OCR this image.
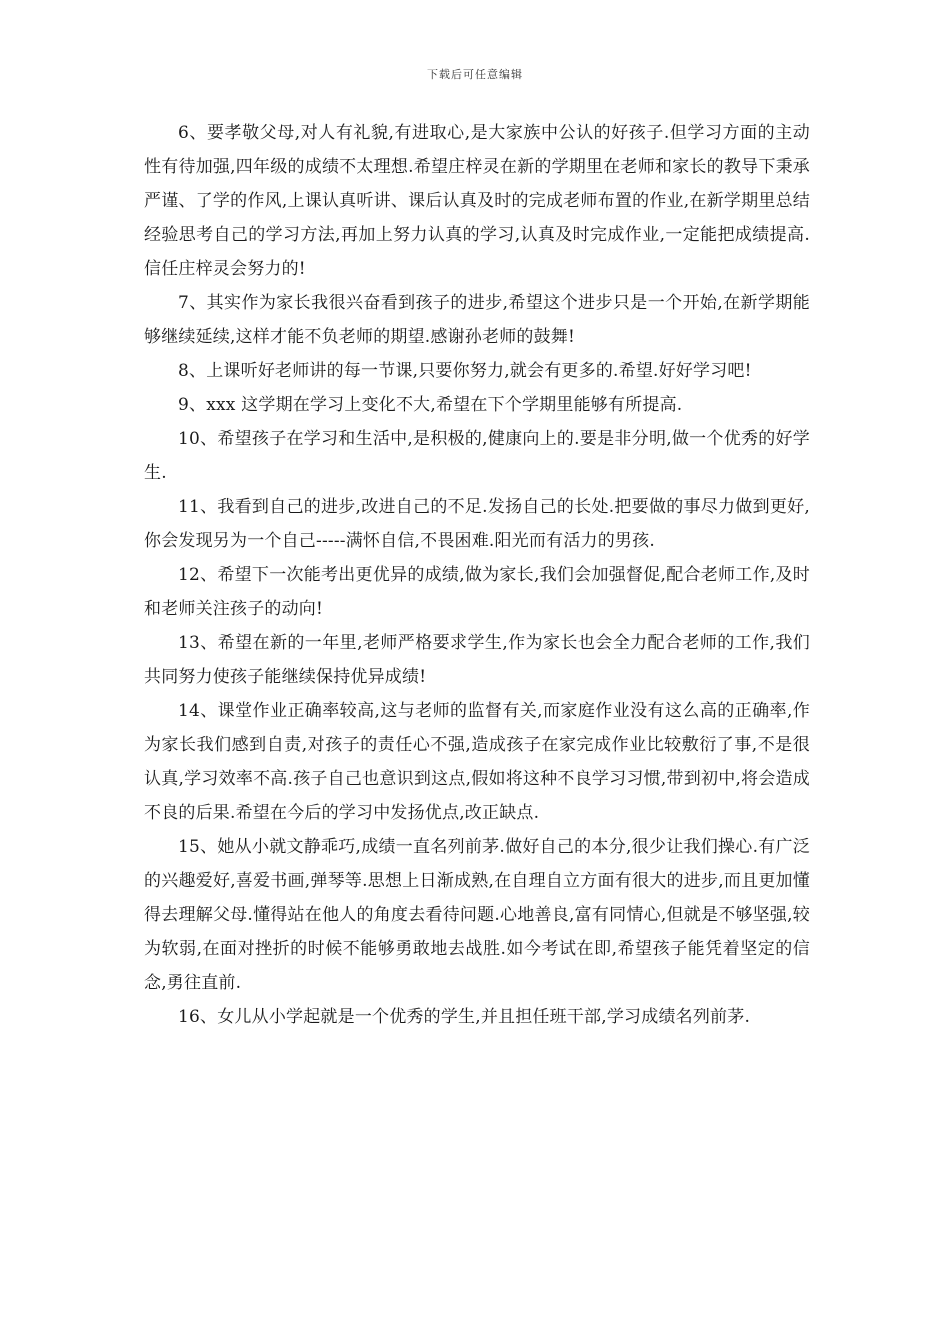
下载后可任意编辑

6、要孝敬父母,对人有礼貌,有进取心,是大家族中公认的好孩子.但学习方面的主动性有待加强,四年级的成绩不太理想.希望庄梓灵在新的学期里在老师和家长的教导下秉承严谨、了学的作风,上课认真听讲、课后认真及时的完成老师布置的作业,在新学期里总结经验思考自己的学习方法,再加上努力认真的学习,认真及时完成作业,一定能把成绩提高.信任庄梓灵会努力的!

7、其实作为家长我很兴奋看到孩子的进步,希望这个进步只是一个开始,在新学期能够继续延续,这样才能不负老师的期望.感谢孙老师的鼓舞!

8、上课听好老师讲的每一节课,只要你努力,就会有更多的.希望.好好学习吧!

9、xxx 这学期在学习上变化不大,希望在下个学期里能够有所提高.

10、希望孩子在学习和生活中,是积极的,健康向上的.要是非分明,做一个优秀的好学生.

11、我看到自己的进步,改进自己的不足.发扬自己的长处.把要做的事尽力做到更好,你会发现另为一个自己-----满怀自信,不畏困难.阳光而有活力的男孩.

12、希望下一次能考出更优异的成绩,做为家长,我们会加强督促,配合老师工作,及时和老师关注孩子的动向!

13、希望在新的一年里,老师严格要求学生,作为家长也会全力配合老师的工作,我们共同努力使孩子能继续保持优异成绩!

14、课堂作业正确率较高,这与老师的监督有关,而家庭作业没有这么高的正确率,作为家长我们感到自责,对孩子的责任心不强,造成孩子在家完成作业比较敷衍了事,不是很认真,学习效率不高.孩子自己也意识到这点,假如将这种不良学习习惯,带到初中,将会造成不良的后果.希望在今后的学习中发扬优点,改正缺点.

15、她从小就文静乖巧,成绩一直名列前茅.做好自己的本分,很少让我们操心.有广泛的兴趣爱好,喜爱书画,弹琴等.思想上日渐成熟,在自理自立方面有很大的进步,而且更加懂得去理解父母.懂得站在他人的角度去看待问题.心地善良,富有同情心,但就是不够坚强,较为软弱,在面对挫折的时候不能够勇敢地去战胜.如今考试在即,希望孩子能凭着坚定的信念,勇往直前.

16、女儿从小学起就是一个优秀的学生,并且担任班干部,学习成绩名列前茅.
